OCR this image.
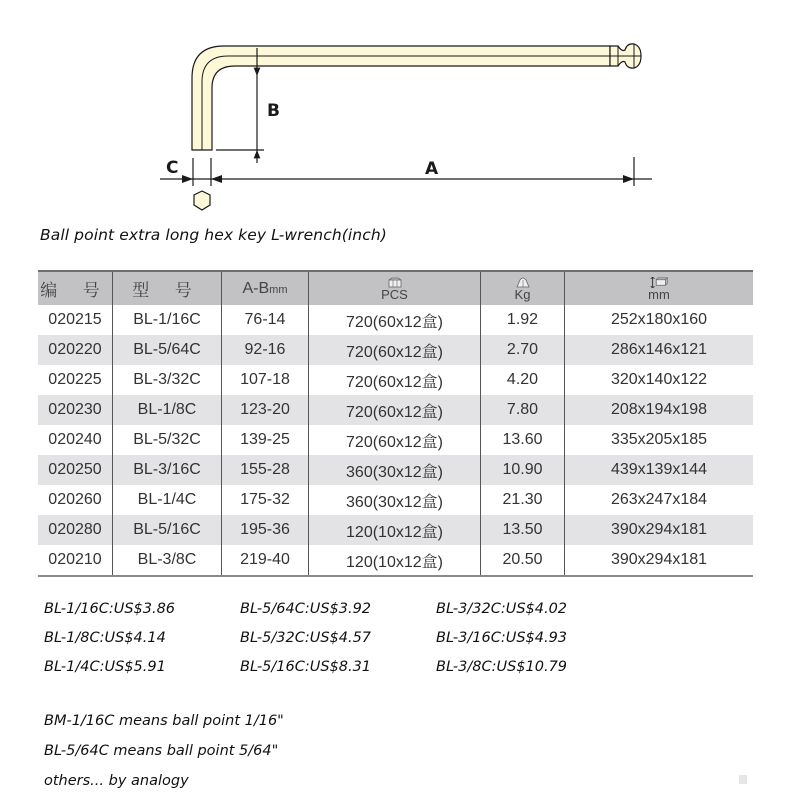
B
C	A
Ball point extra long hex key L-wrench(inch)
编 号	型 号	A-Bmm	PCS	Kg	mm

020215	BL-1/16C	76-14	720(60x12盒)	1.92	252x180x160
020220	BL-5/64C	92-16	720(60x12盒)	2.70	286x146x121
020225	BL-3/32C	107-18	720(60x12盒)	4.20	320x140x122
020230	BL-1/8C	123-20	720(60x12盒)	7.80	208x194x198
020240	BL-5/32C	139-25	720(60x12盒)	13.60	335x205x185
020250	BL-3/16C	155-28	360(30x12盒)	10.90	439x139x144
020260	BL-1/4C	175-32	360(30x12盒)	21.30	263x247x184
020280	BL-5/16C	195-36	120(10x12盒)	13.50	390x294x181
020210	BL-3/8C	219-40	120(10x12盒)	20.50	390x294x181
BL-1/16C:US$3.86	BL-5/64C:US$3.92	BL-3/32C:US$4.02
BL-1/8C:US$4.14	BL-5/32C:US$4.57	BL-3/16C:US$4.93
BL-1/4C:US$5.91	BL-5/16C:US$8.31	BL-3/8C:US$10.79
BM-1/16C means ball point 1/16"
BL-5/64C means ball point 5/64"
others... by analogy
